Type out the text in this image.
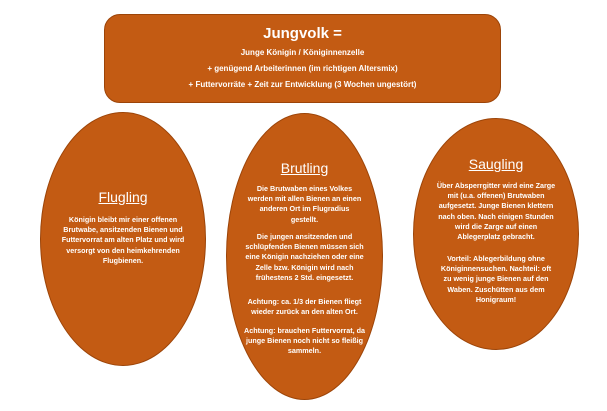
Jungvolk =
Junge Königin / Königinnenzelle
+ genügend Arbeiterinnen (im richtigen Altersmix)
+ Futtervorräte + Zeit zur Entwicklung (3 Wochen ungestört)
Flugling
Königin bleibt mir einer offenen Brutwabe, ansitzenden Bienen und Futtervorrat am alten Platz und wird versorgt von den heimkehrenden Flugbienen.
Brutling
Die Brutwaben eines Volkes werden mit allen Bienen an einen anderen Ort im Flugradius gestellt.
Die jungen ansitzenden und schlüpfenden Bienen müssen sich eine Königin nachziehen oder eine Zelle bzw. Königin wird nach frühestens 2 Std. eingesetzt.
Achtung: ca. 1/3 der Bienen fliegt wieder zurück an den alten Ort.
Achtung: brauchen Futtervorrat, da junge Bienen noch nicht so fleißig sammeln.
Saugling
Über Absperrgitter wird eine Zarge mit (u.a. offenen) Brutwaben aufgesetzt. Junge Bienen klettern nach oben. Nach einigen Stunden wird die Zarge auf einen Ablegerplatz gebracht.
Vorteil: Ablegerbildung ohne Königinnensuchen. Nachteil: oft zu wenig junge Bienen auf den Waben. Zuschütten aus dem Honigraum!
